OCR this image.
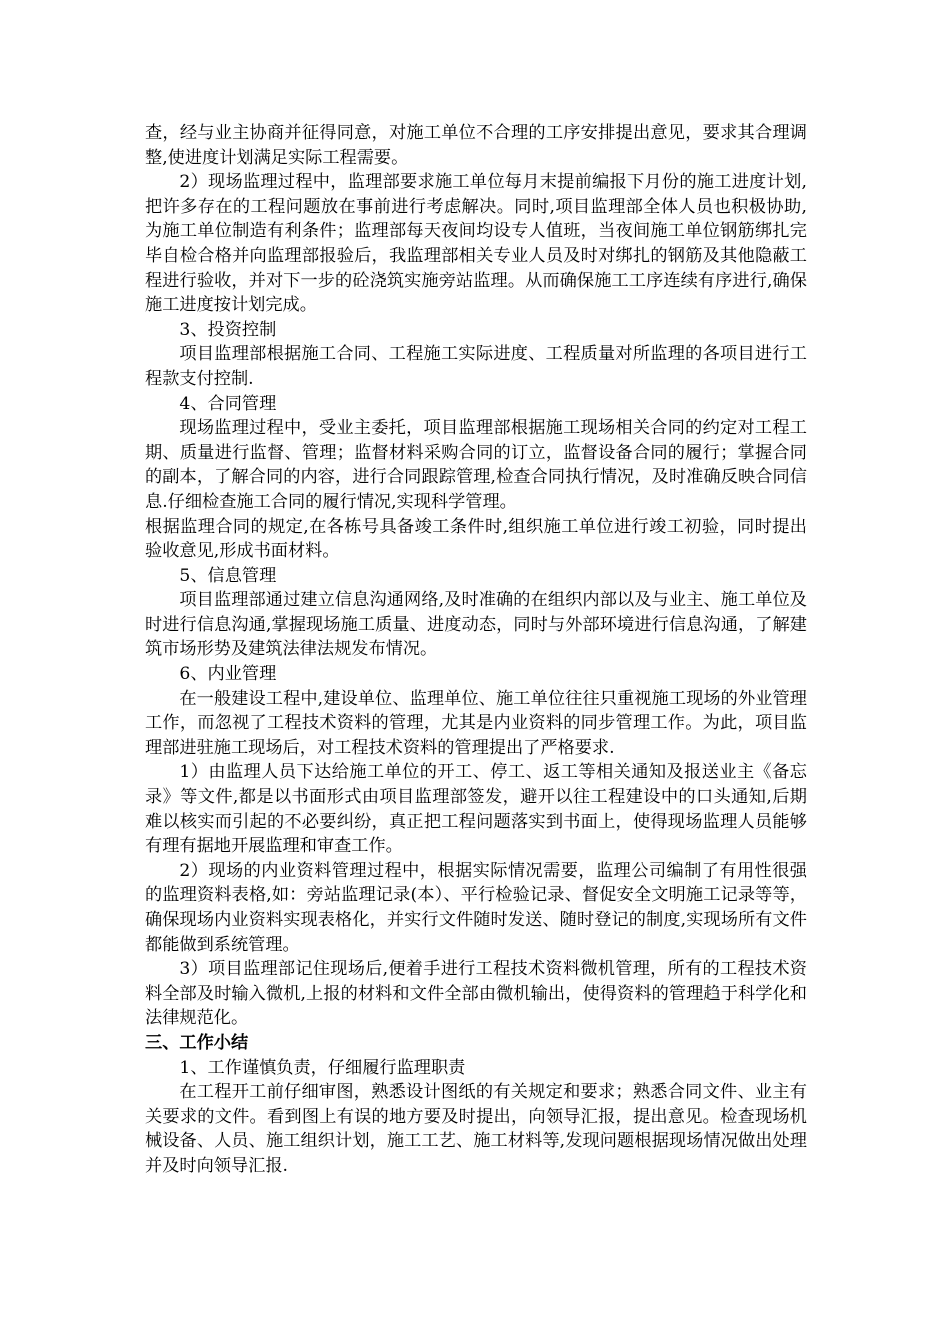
查，经与业主协商并征得同意，对施工单位不合理的工序安排提出意见，要求其合理调整,使进度计划满足实际工程需要。

2）现场监理过程中，监理部要求施工单位每月末提前编报下月份的施工进度计划,把许多存在的工程问题放在事前进行考虑解决。同时,项目监理部全体人员也积极协助,为施工单位制造有利条件；监理部每天夜间均设专人值班，当夜间施工单位钢筋绑扎完毕自检合格并向监理部报验后，我监理部相关专业人员及时对绑扎的钢筋及其他隐蔽工程进行验收，并对下一步的砼浇筑实施旁站监理。从而确保施工工序连续有序进行,确保施工进度按计划完成。

3、投资控制

项目监理部根据施工合同、工程施工实际进度、工程质量对所监理的各项目进行工程款支付控制.

4、合同管理

现场监理过程中，受业主委托，项目监理部根据施工现场相关合同的约定对工程工期、质量进行监督、管理；监督材料采购合同的订立，监督设备合同的履行；掌握合同的副本，了解合同的内容，进行合同跟踪管理,检查合同执行情况，及时准确反映合同信息.仔细检查施工合同的履行情况,实现科学管理。

根据监理合同的规定,在各栋号具备竣工条件时,组织施工单位进行竣工初验，同时提出验收意见,形成书面材料。

5、信息管理

项目监理部通过建立信息沟通网络,及时准确的在组织内部以及与业主、施工单位及时进行信息沟通,掌握现场施工质量、进度动态，同时与外部环境进行信息沟通，了解建筑市场形势及建筑法律法规发布情况。

6、内业管理

在一般建设工程中,建设单位、监理单位、施工单位往往只重视施工现场的外业管理工作，而忽视了工程技术资料的管理，尤其是内业资料的同步管理工作。为此，项目监理部进驻施工现场后，对工程技术资料的管理提出了严格要求.

1）由监理人员下达给施工单位的开工、停工、返工等相关通知及报送业主《备忘录》等文件,都是以书面形式由项目监理部签发，避开以往工程建设中的口头通知,后期难以核实而引起的不必要纠纷，真正把工程问题落实到书面上，使得现场监理人员能够有理有据地开展监理和审查工作。

2）现场的内业资料管理过程中，根据实际情况需要，监理公司编制了有用性很强的监理资料表格,如：旁站监理记录(本）、平行检验记录、督促安全文明施工记录等等，确保现场内业资料实现表格化，并实行文件随时发送、随时登记的制度,实现场所有文件都能做到系统管理。

3）项目监理部记住现场后,便着手进行工程技术资料微机管理，所有的工程技术资料全部及时输入微机,上报的材料和文件全部由微机输出，使得资料的管理趋于科学化和法律规范化。

三、工作小结

1、工作谨慎负责，仔细履行监理职责

在工程开工前仔细审图，熟悉设计图纸的有关规定和要求；熟悉合同文件、业主有关要求的文件。看到图上有误的地方要及时提出，向领导汇报，提出意见。检查现场机械设备、人员、施工组织计划，施工工艺、施工材料等,发现问题根据现场情况做出处理并及时向领导汇报.
